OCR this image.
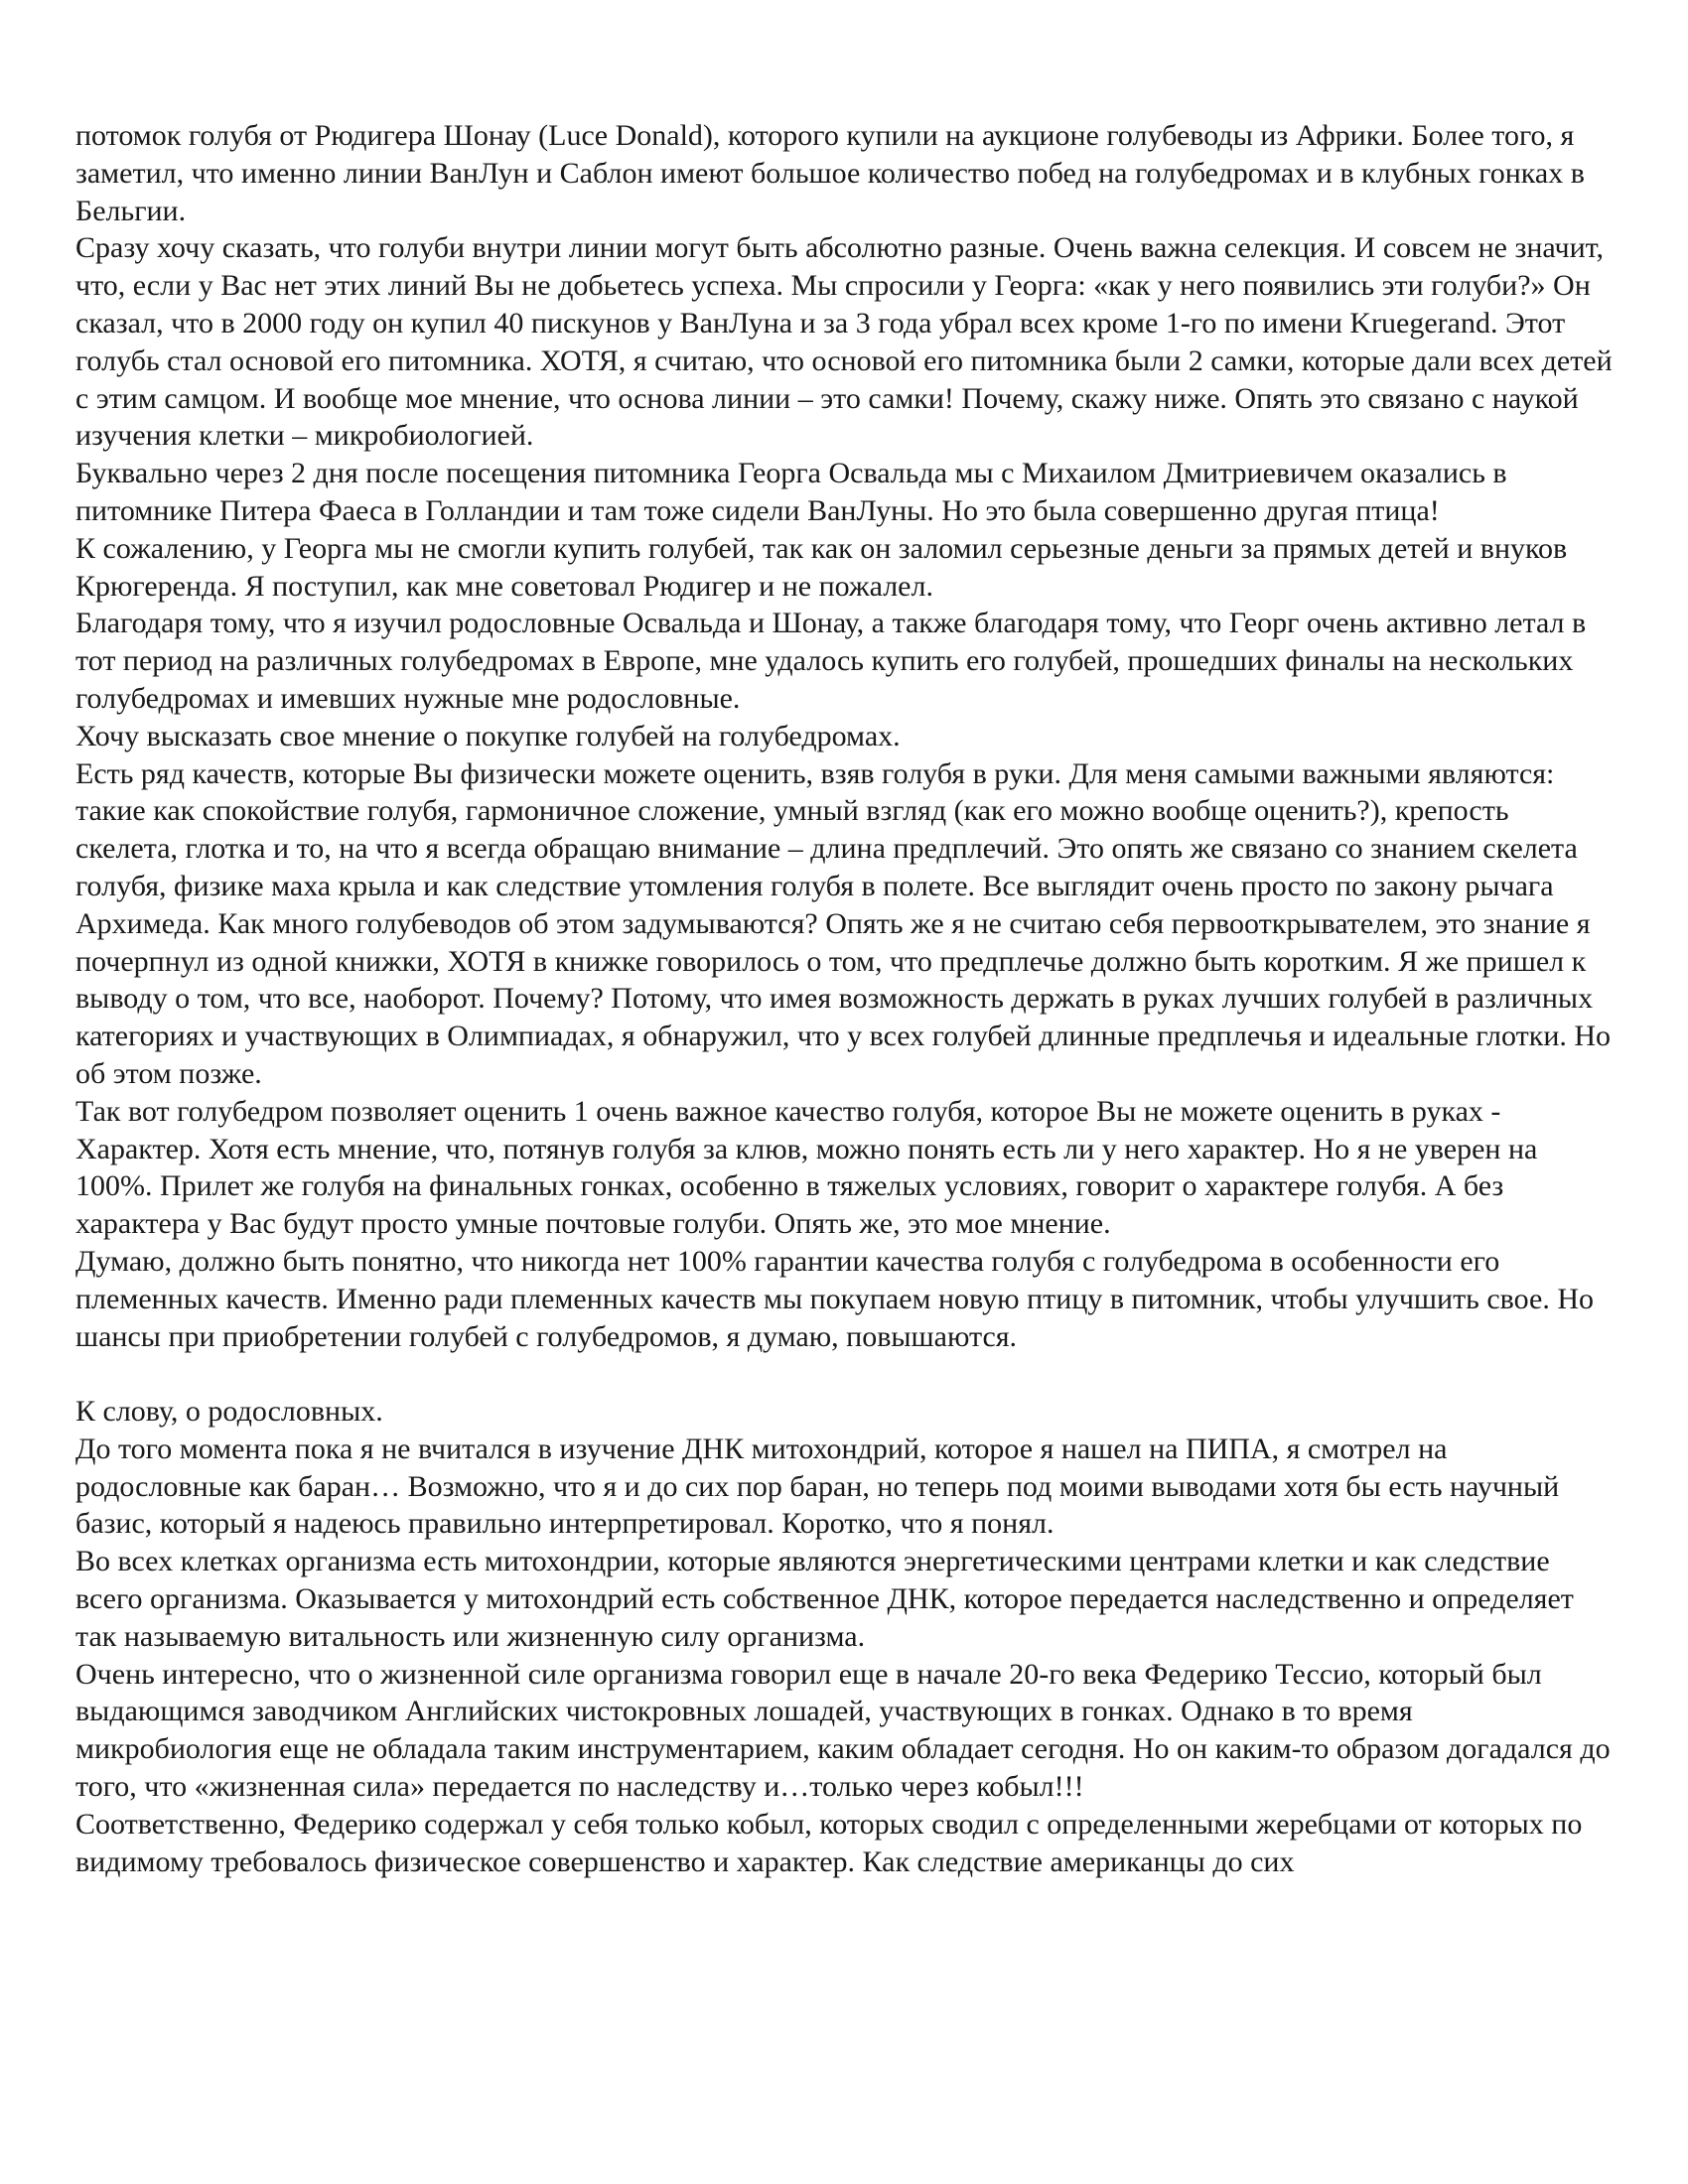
потомок голубя от Рюдигера Шонау (Luce Donald), которого купили на аукционе голубеводы из Африки. Более того, я заметил, что именно линии ВанЛун и Саблон имеют большое количество побед на голубедромах и в клубных гонках в Бельгии.

Сразу хочу сказать, что голуби внутри линии могут быть абсолютно разные. Очень важна селекция. И совсем не значит, что, если у Вас нет этих линий Вы не добьетесь успеха. Мы спросили у Георга: «как у него появились эти голуби?» Он сказал, что в 2000 году он купил 40 пискунов у ВанЛуна и за 3 года убрал всех кроме 1-го по имени Kruegerand. Этот голубь стал основой его питомника. ХОТЯ, я считаю, что основой его питомника были 2 самки, которые дали всех детей с этим самцом. И вообще мое мнение, что основа линии – это самки! Почему, скажу ниже. Опять это связано с наукой изучения клетки – микробиологией.

Буквально через 2 дня после посещения питомника Георга Освальда мы с Михаилом Дмитриевичем оказались в питомнике Питера Фаеса в Голландии и там тоже сидели ВанЛуны. Но это была совершенно другая птица!

К сожалению, у Георга мы не смогли купить голубей, так как он заломил серьезные деньги за прямых детей и внуков Крюгеренда. Я поступил, как мне советовал Рюдигер и не пожалел.

Благодаря тому, что я изучил родословные Освальда и Шонау, а также благодаря тому, что Георг очень активно летал в тот период на различных голубедромах в Европе, мне удалось купить его голубей, прошедших финалы на нескольких голубедромах и имевших нужные мне родословные.

Хочу высказать свое мнение о покупке голубей на голубедромах.

Есть ряд качеств, которые Вы физически можете оценить, взяв голубя в руки. Для меня самыми важными являются: такие как спокойствие голубя, гармоничное сложение, умный взгляд (как его можно вообще оценить?), крепость скелета, глотка и то, на что я всегда обращаю внимание – длина предплечий. Это опять же связано со знанием скелета голубя, физике маха крыла и как следствие утомления голубя в полете. Все выглядит очень просто по закону рычага Архимеда. Как много голубеводов об этом задумываются? Опять же я не считаю себя первооткрывателем, это знание я почерпнул из одной книжки, ХОТЯ в книжке говорилось о том, что предплечье должно быть коротким. Я же пришел к выводу о том, что все, наоборот. Почему? Потому, что имея возможность держать в руках лучших голубей в различных категориях и участвующих в Олимпиадах, я обнаружил, что у всех голубей длинные предплечья и идеальные глотки. Но об этом позже.

Так вот голубедром позволяет оценить 1 очень важное качество голубя, которое Вы не можете оценить в руках - Характер. Хотя есть мнение, что, потянув голубя за клюв, можно понять есть ли у него характер. Но я не уверен на 100%. Прилет же голубя на финальных гонках, особенно в тяжелых условиях, говорит о характере голубя. А без характера у Вас будут просто умные почтовые голуби. Опять же, это мое мнение.

Думаю, должно быть понятно, что никогда нет 100% гарантии качества голубя с голубедрома в особенности его племенных качеств. Именно ради племенных качеств мы покупаем новую птицу в питомник, чтобы улучшить свое. Но шансы при приобретении голубей с голубедромов, я думаю, повышаются.

К слову, о родословных.

До того момента пока я не вчитался в изучение ДНК митохондрий, которое я нашел на ПИПА, я смотрел на родословные как баран… Возможно, что я и до сих пор баран, но теперь под моими выводами хотя бы есть научный базис, который я надеюсь правильно интерпретировал. Коротко, что я понял.

Во всех клетках организма есть митохондрии, которые являются энергетическими центрами клетки и как следствие всего организма. Оказывается у митохондрий есть собственное ДНК, которое передается наследственно и определяет так называемую витальность или жизненную силу организма.

Очень интересно, что о жизненной силе организма говорил еще в начале 20-го века Федерико Тессио, который был выдающимся заводчиком Английских чистокровных лошадей, участвующих в гонках. Однако в то время микробиология еще не обладала таким инструментарием, каким обладает сегодня. Но он каким-то образом догадался до того, что «жизненная сила» передается по наследству и…только через кобыл!!!

Соответственно, Федерико содержал у себя только кобыл, которых сводил с определенными жеребцами от которых по видимому требовалось физическое совершенство и характер. Как следствие американцы до сих
